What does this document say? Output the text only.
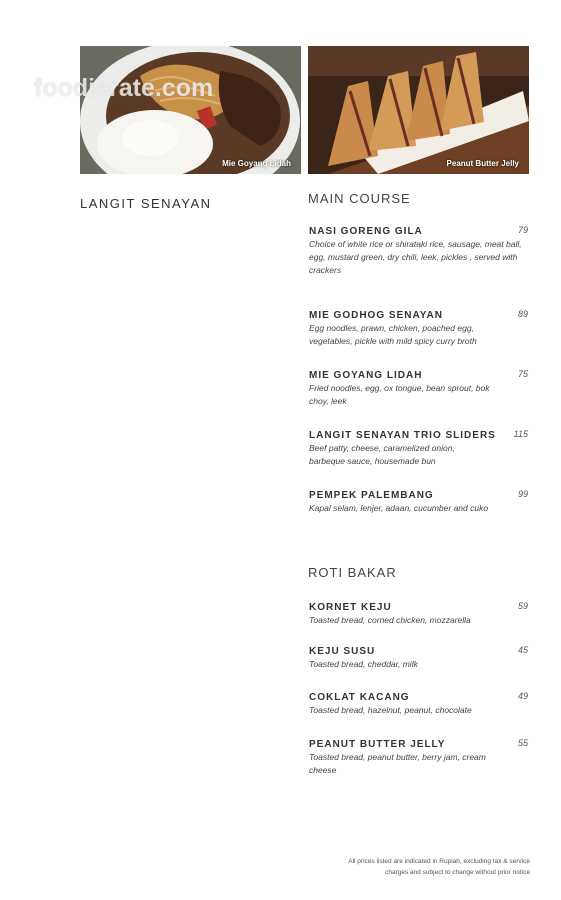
Mie Goyang Lidah	Peanut Butter Jelly
foodierate.com
LANGIT SENAYAN	MAIN COURSE
NASI GORENG GILA	79
Choice of white rice or shirataki rice, sausage, meat ball, egg, mustard green, dry chili, leek, pickles , served with crackers
MIE GODHOG SENAYAN	89
Egg noodles, prawn, chicken, poached egg, vegetables, pickle with mild spicy curry broth
MIE GOYANG LIDAH	75
Fried noodles, egg, ox tongue, bean sprout, bok choy, leek
LANGIT SENAYAN TRIO SLIDERS	115
Beef patty, cheese, caramelized onion, barbeque sauce, housemade bun
PEMPEK PALEMBANG	99
Kapal selam, lenjer, adaan, cucumber and cuko
ROTI BAKAR
KORNET KEJU	59
Toasted bread, corned chicken, mozzarella
KEJU SUSU	45
Toasted bread, cheddar, milk
COKLAT KACANG	49
Toasted bread, hazelnut, peanut, chocolate
PEANUT BUTTER JELLY	55
Toasted bread, peanut butter, berry jam, cream cheese
All prices listed are indicated in Rupiah, excluding tax & service
charges and subject to change without prior notice
